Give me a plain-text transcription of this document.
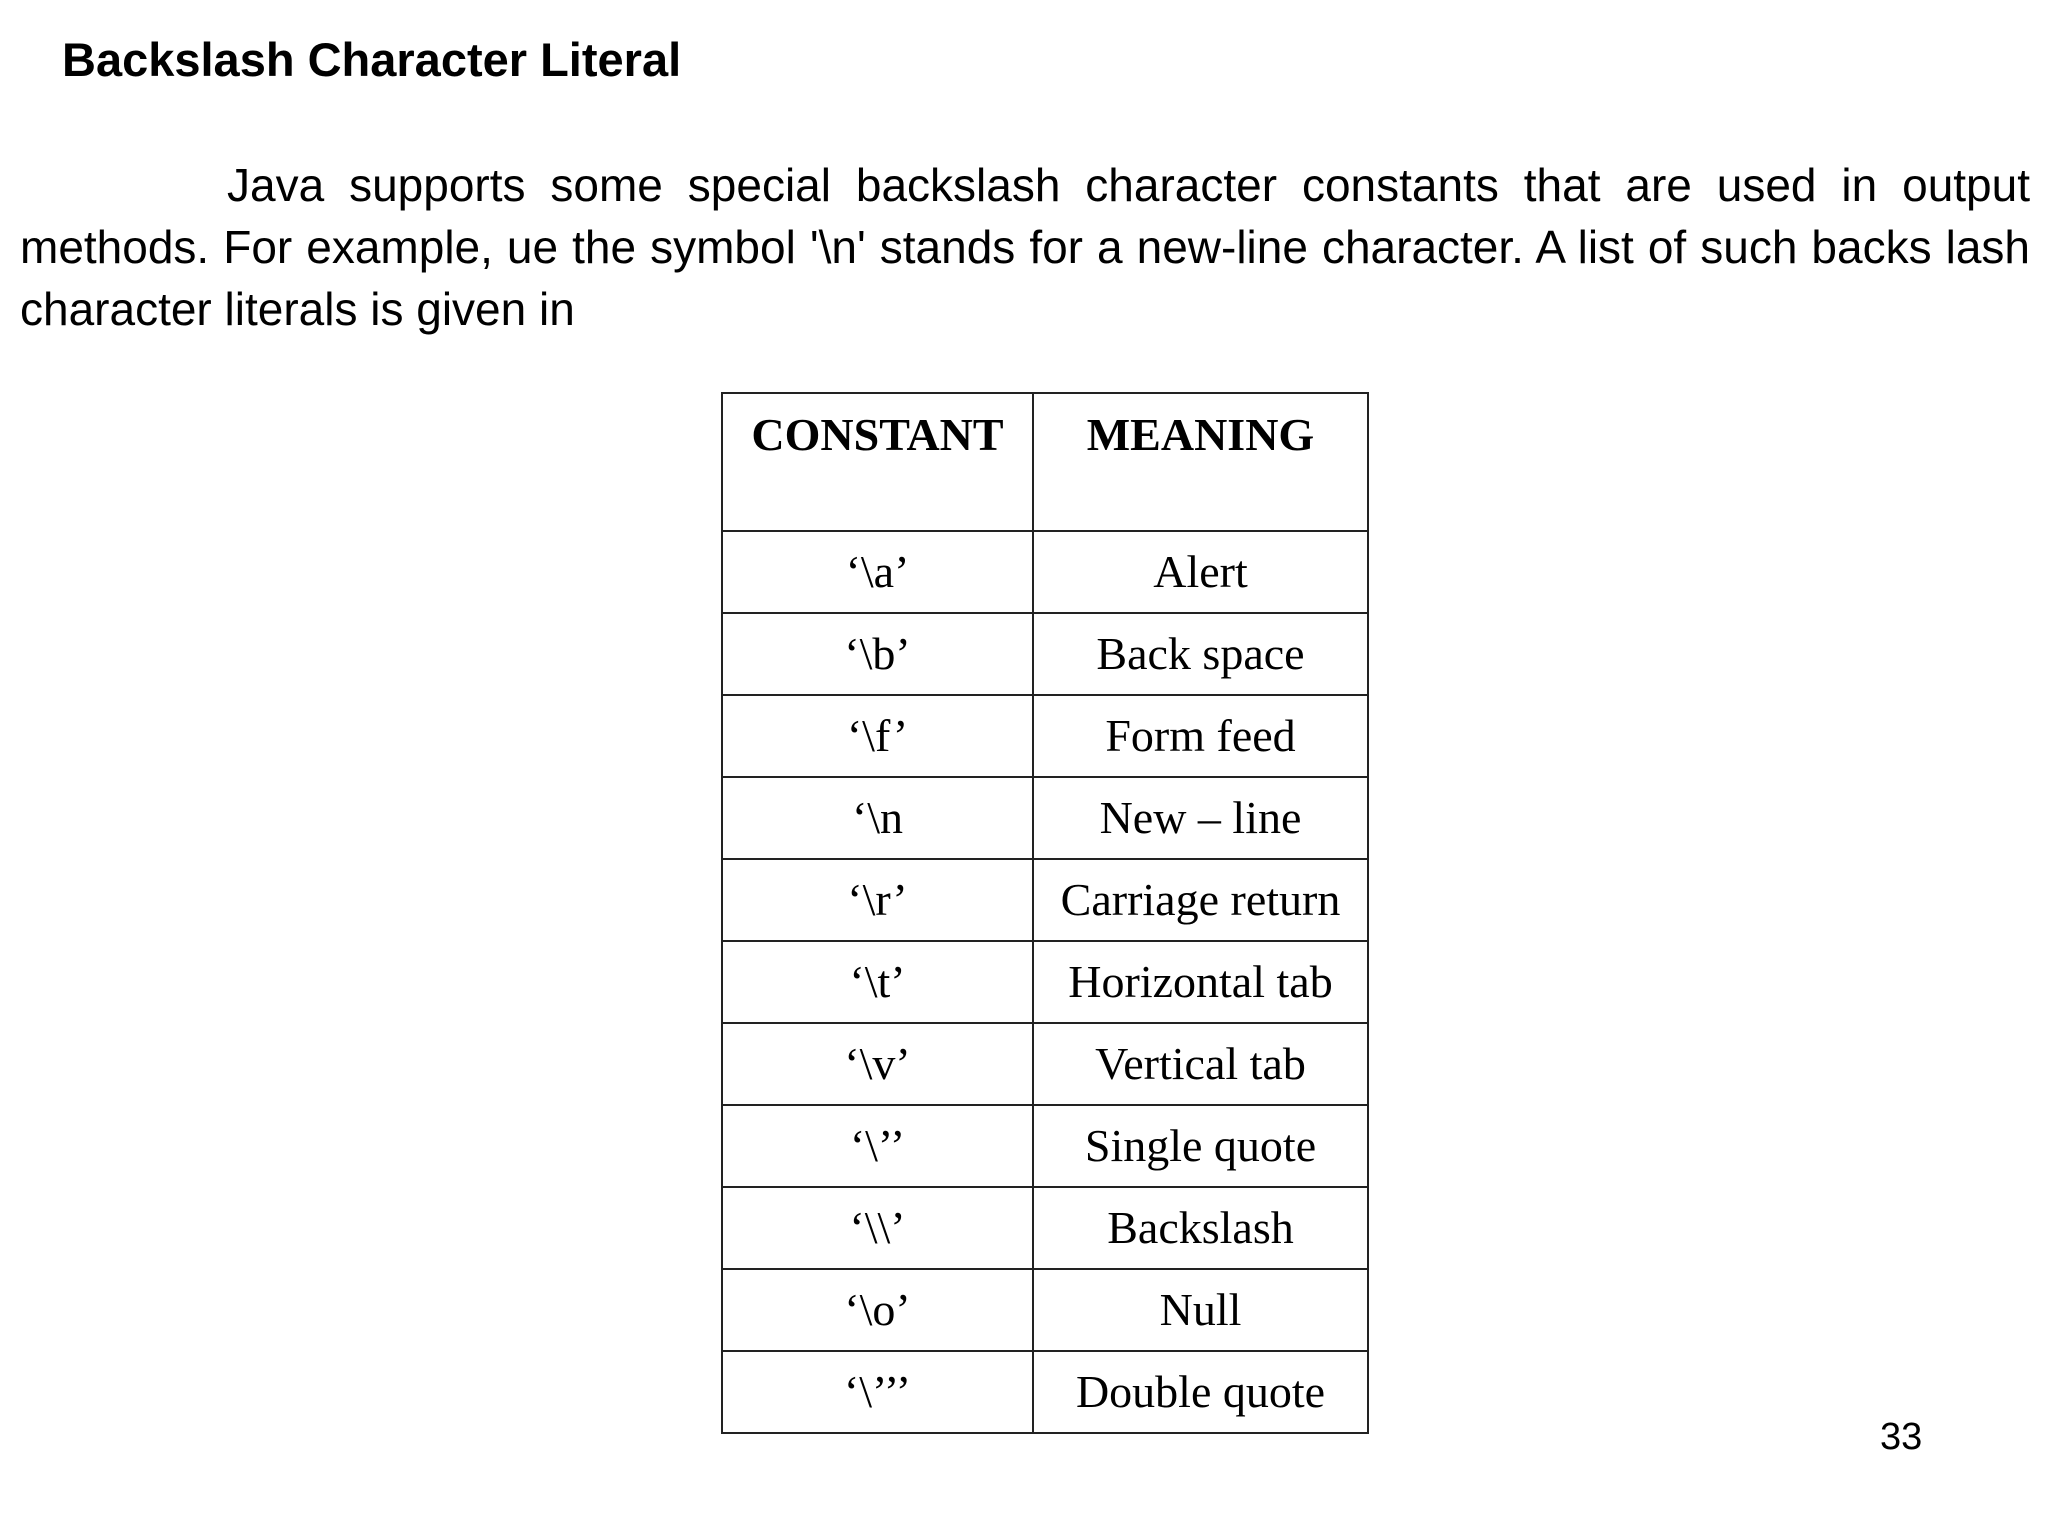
Backslash Character Literal

Java supports some special backslash character constants that are used in output methods. For example, ue the symbol '\n' stands for a new-line character. A list of such backs lash character literals is given in

CONSTANT	MEANING
‘\a’	Alert
‘\b’	Back space
‘\f’	Form feed
‘\n	New – line
‘\r’	Carriage return
‘\t’	Horizontal tab
‘\v’	Vertical tab
‘\’’	Single quote
‘\\’	Backslash
‘\o’	Null
‘\’’’	Double quote
33
